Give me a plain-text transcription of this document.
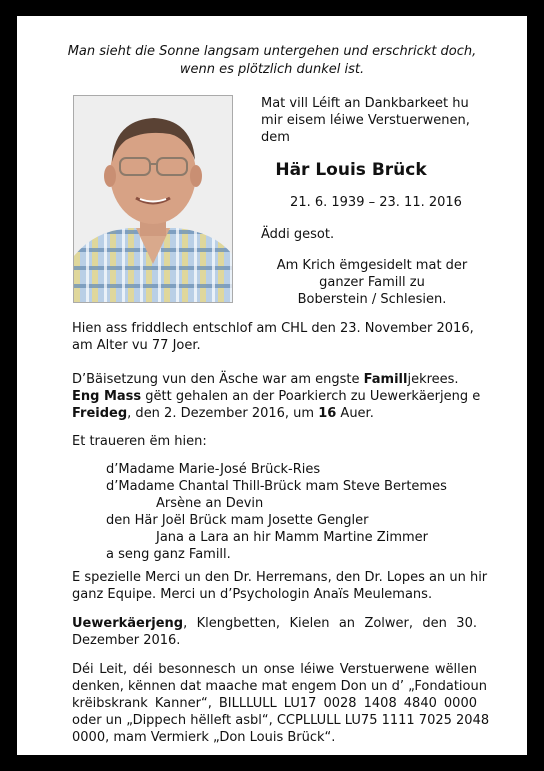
Man sieht die Sonne langsam untergehen und erschrickt doch,
wenn es plötzlich dunkel ist.
Mat vill Léift an Dankbarkeet hu
mir eisem léiwe Verstuerwenen,
dem
Här Louis Brück
21. 6. 1939 – 23. 11. 2016
Äddi gesot.
Am Krich ëmgesidelt mat der
ganzer Famill zu
Boberstein / Schlesien.
Hien ass friddlech entschlof am CHL den 23. November 2016,
am Alter vu 77 Joer.
D’Bäisetzung vun den Äsche war am engste Familljekrees.
Eng Mass gëtt gehalen an der Poarkierch zu Uewerkäerjeng e
Freideg, den 2. Dezember 2016, um 16 Auer.
Et traueren ëm hien:
d’Madame Marie-José Brück-Ries
d’Madame Chantal Thill-Brück mam Steve Bertemes
Arsène an Devin
den Här Joël Brück mam Josette Gengler
Jana a Lara an hir Mamm Martine Zimmer
a seng ganz Famill.
E spezielle Merci un den Dr. Herremans, den Dr. Lopes an un hir
ganz Equipe. Merci un d’Psychologin Anaïs Meulemans.
Uewerkäerjeng, Klengbetten, Kielen an Zolwer, den 30.
Dezember 2016.
Déi Leit, déi besonnesch un onse léiwe Verstuerwene wëllen
denken, kënnen dat maache mat engem Don un d’ „Fondatioun
krëibskrank Kanner“, BILLLULL LU17 0028 1408 4840 0000
oder un „Dippech hëlleft asbl“, CCPLLULL LU75 1111 7025 2048
0000, mam Vermierk „Don Louis Brück“.
